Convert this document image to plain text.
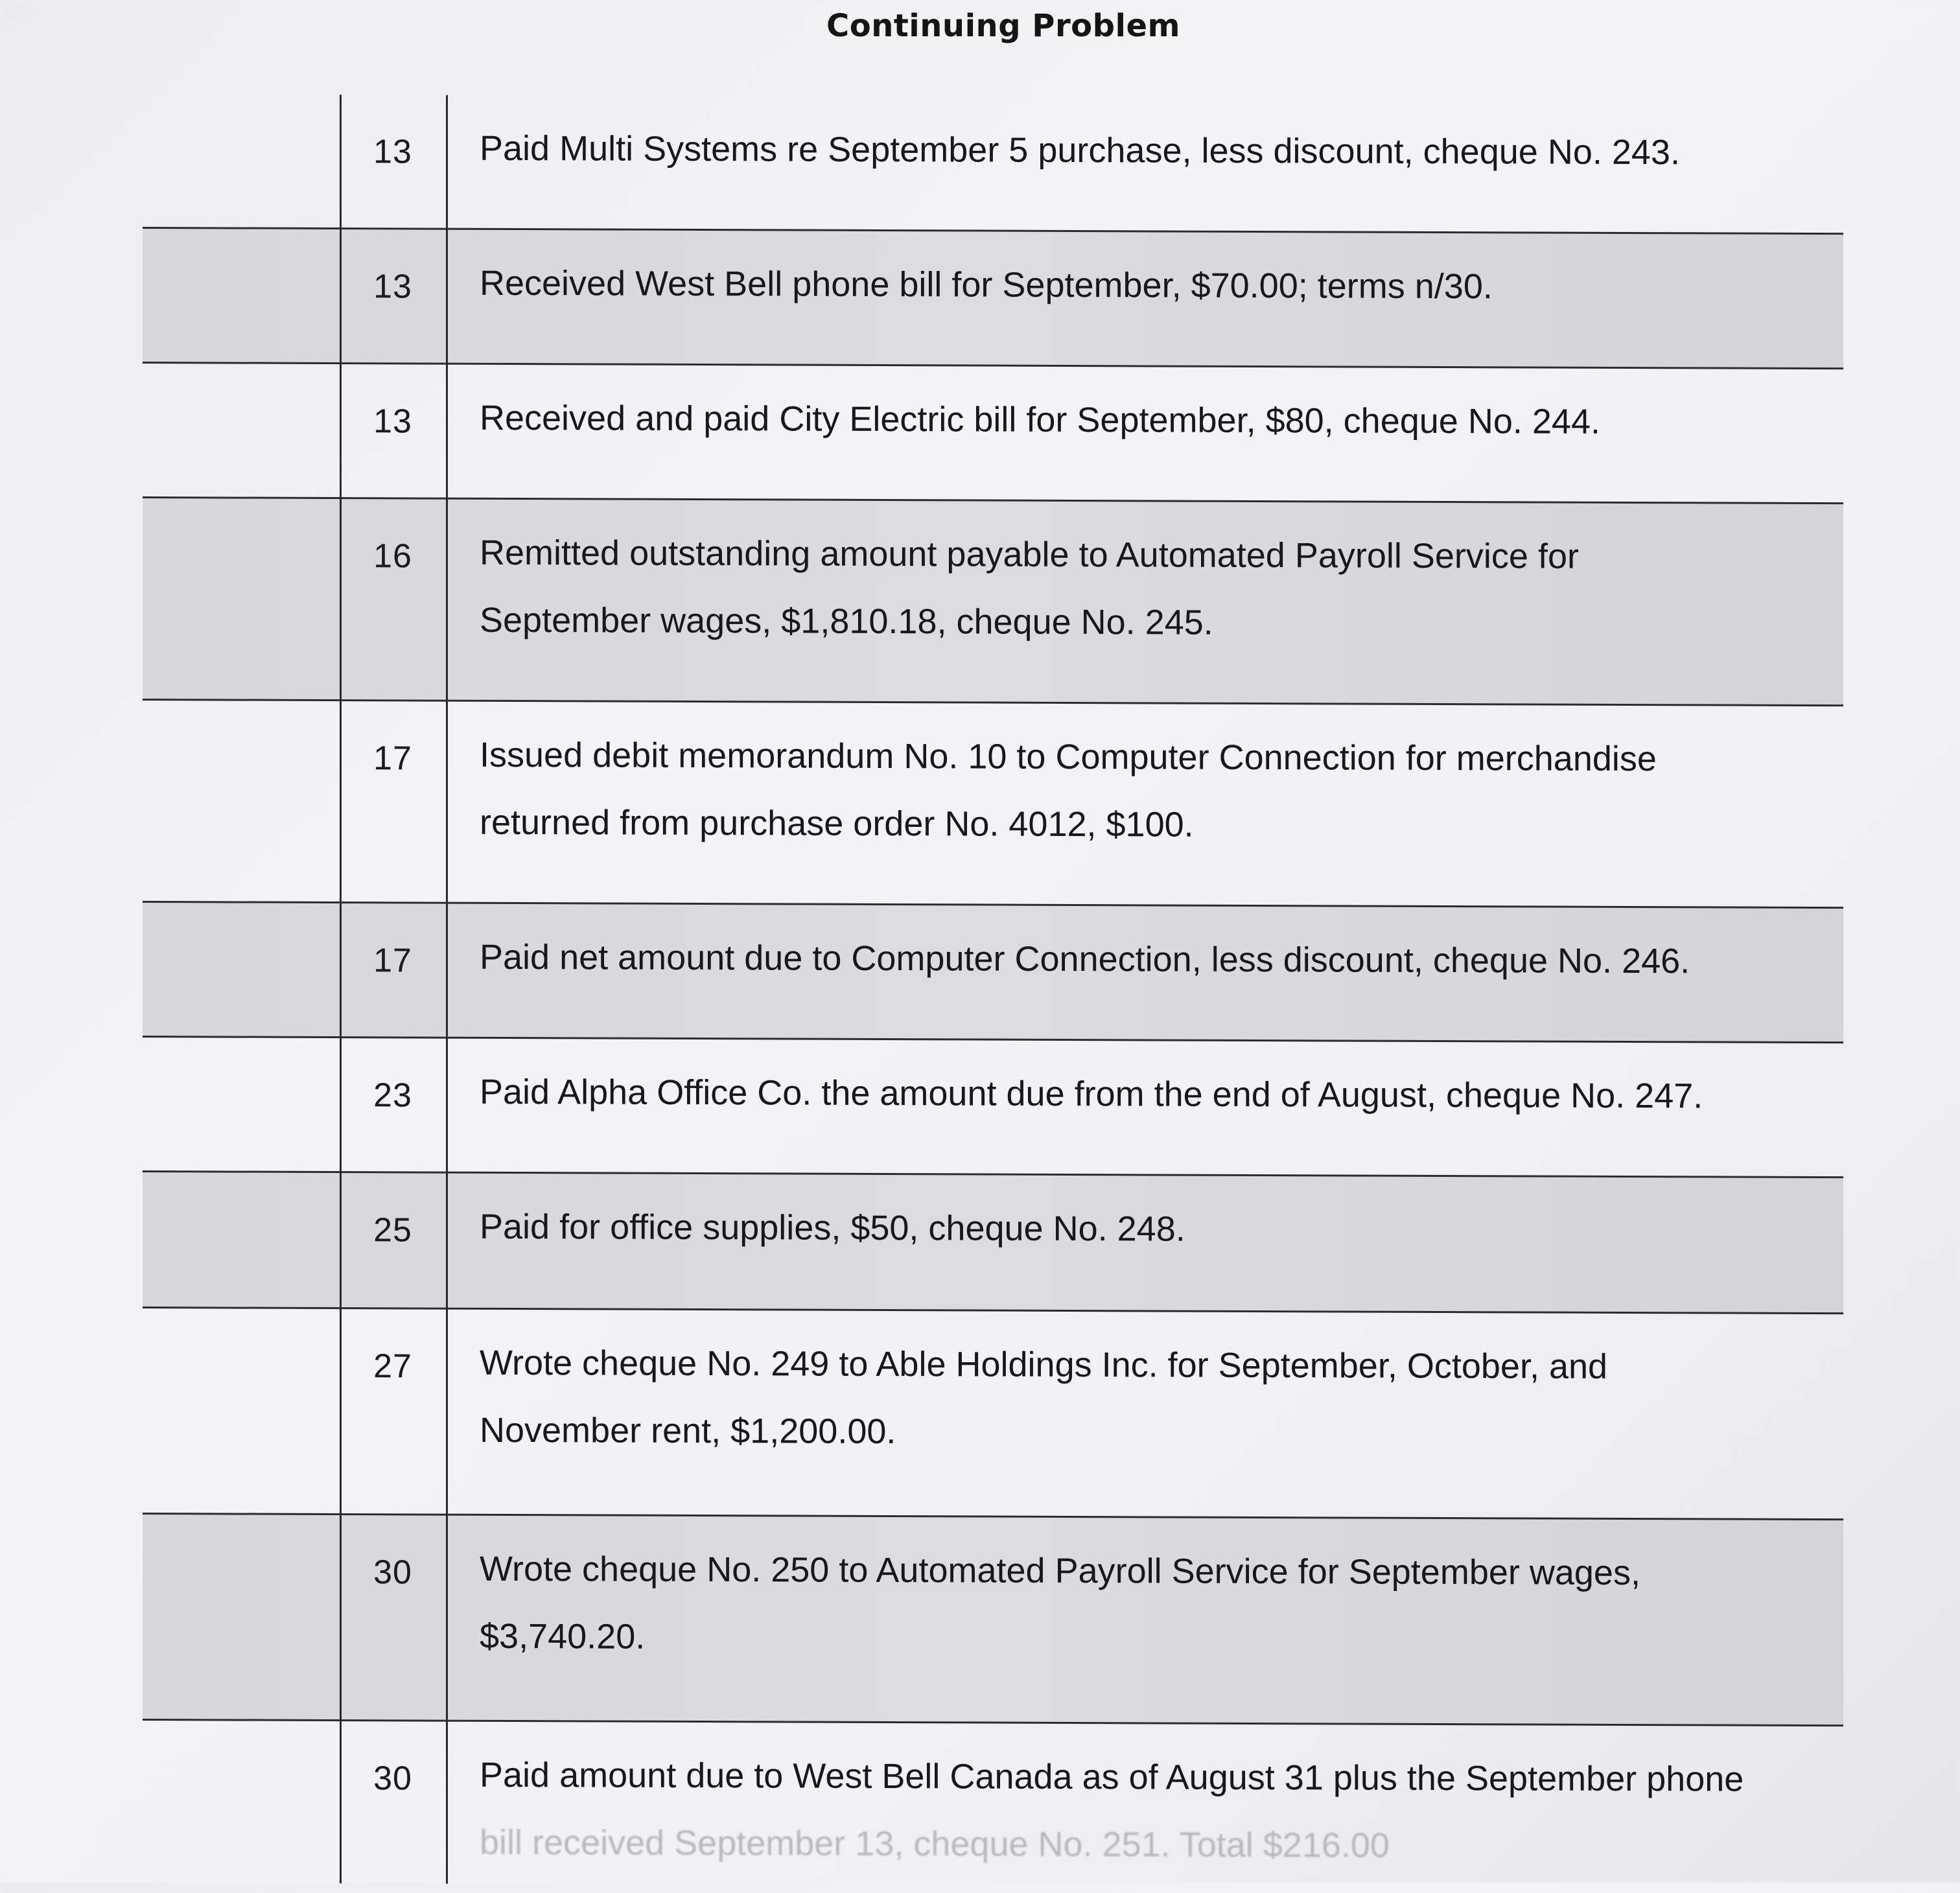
Continuing Problem
13	Paid Multi Systems re September 5 purchase, less discount, cheque No. 243.
13	Received West Bell phone bill for September, $70.00; terms n/30.
13	Received and paid City Electric bill for September, $80, cheque No. 244.
16	Remitted outstanding amount payable to Automated Payroll Service for
September wages, $1,810.18, cheque No. 245.
17	Issued debit memorandum No. 10 to Computer Connection for merchandise
returned from purchase order No. 4012, $100.
17	Paid net amount due to Computer Connection, less discount, cheque No. 246.
23	Paid Alpha Office Co. the amount due from the end of August, cheque No. 247.
25	Paid for office supplies, $50, cheque No. 248.
27	Wrote cheque No. 249 to Able Holdings Inc. for September, October, and
November rent, $1,200.00.
30	Wrote cheque No. 250 to Automated Payroll Service for September wages,
$3,740.20.
30	Paid amount due to West Bell Canada as of August 31 plus the September phone
bill received September 13, cheque No. 251. Total $216.00
